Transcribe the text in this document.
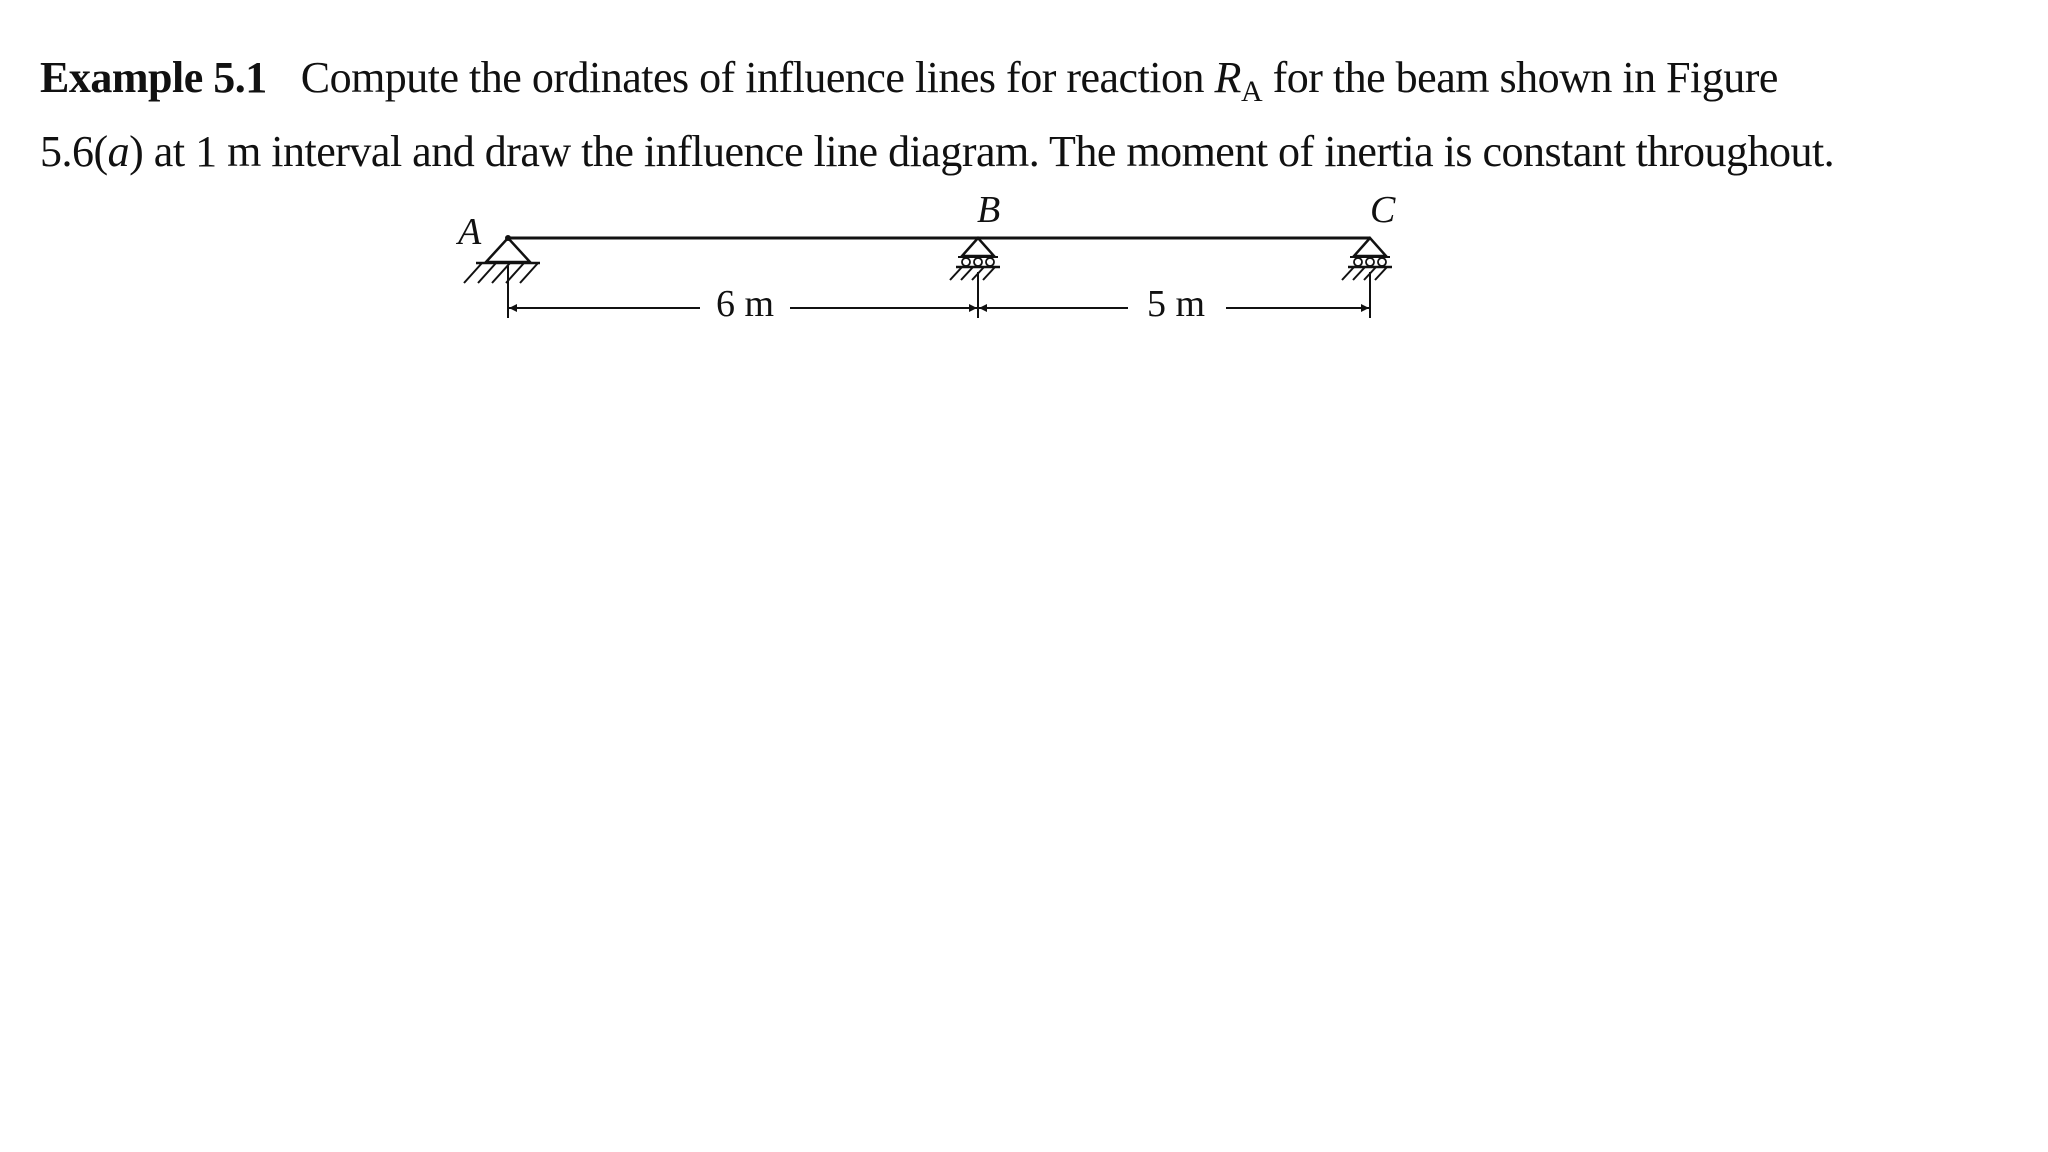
Example 5.1 Compute the ordinates of influence lines for reaction $R_A$ for the beam shown in Figure
5.6(a) at 1 m interval and draw the influence line diagram. The moment of inertia is constant throughout.
A
B	C
6 m	5 m
